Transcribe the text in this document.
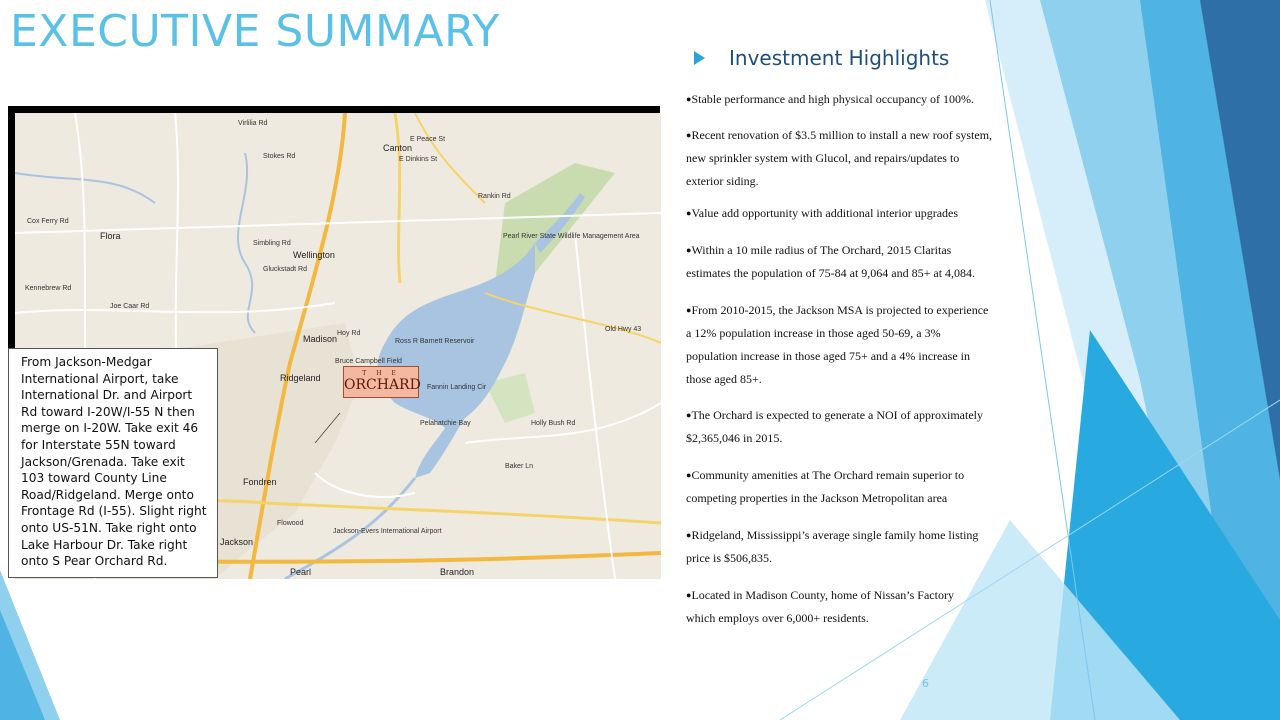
EXECUTIVE SUMMARY
Canton
E Peace St
E Dinkins St
Rankin Rd
Virlilia Rd
Stokes Rd
Cox Ferry Rd
Flora
Simbling Rd
Wellington
Gluckstadt Rd
Pearl River State Wildlife Management Area
Kennebrew Rd
Joe Caar Rd
Madison
Hoy Rd
Ross R Barnett Reservoir
Old Hwy 43
Bruce Campbell Field
Ridgeland
Fannin Landing Cir
Pelahatchie Bay	Holly Bush Rd
Baker Ln
Fondren
Flowood
Jackson-Evers International Airport
Jackson
Pearl	Brandon
T H E
ORCHARD
From Jackson-Medgar International Airport, take International Dr. and Airport Rd toward I-20W/I-55 N then merge on I-20W. Take exit 46 for Interstate 55N toward Jackson/Grenada. Take exit 103 toward County Line Road/Ridgeland. Merge onto Frontage Rd (I-55). Slight right onto US-51N. Take right onto Lake Harbour Dr. Take right onto S Pear Orchard Rd.
Investment Highlights
●Stable performance and high physical occupancy of 100%.
●Recent renovation of $3.5 million to install a new roof system,
new sprinkler system with Glucol, and repairs/updates to
exterior siding.
●Value add opportunity with additional interior upgrades
●Within a 10 mile radius of The Orchard, 2015 Claritas
estimates the population of 75-84 at 9,064 and 85+ at 4,084.
●From 2010-2015, the Jackson MSA is projected to experience
a 12% population increase in those aged 50-69, a 3%
population increase in those aged 75+ and a 4% increase in
those aged 85+.
●The Orchard is expected to generate a NOI of approximately
$2,365,046 in 2015.
●Community amenities at The Orchard remain superior to
competing properties in the Jackson Metropolitan area
●Ridgeland, Mississippi’s average single family home listing
price is $506,835.
●Located in Madison County, home of Nissan’s Factory
which employs over 6,000+ residents.
6
